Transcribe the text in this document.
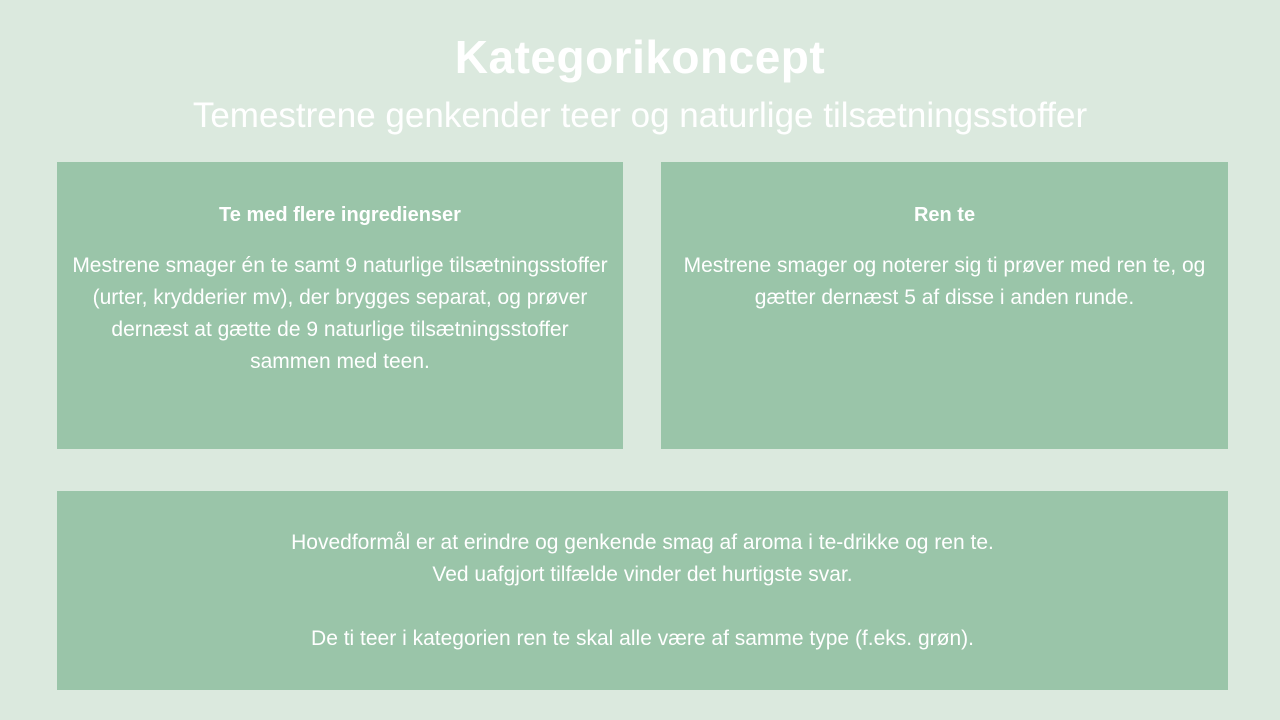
Kategorikoncept
Temestrene genkender teer og naturlige tilsætningsstoffer

Te med flere ingredienser

Mestrene smager én te samt 9 naturlige tilsætningsstoffer (urter, krydderier mv), der brygges separat, og prøver dernæst at gætte de 9 naturlige tilsætningsstoffer sammen med teen.

Ren te

Mestrene smager og noterer sig ti prøver med ren te, og gætter dernæst 5 af disse i anden runde.

Hovedformål er at erindre og genkende smag af aroma i te-drikke og ren te.

Ved uafgjort tilfælde vinder det hurtigste svar.

De ti teer i kategorien ren te skal alle være af samme type (f.eks. grøn).
